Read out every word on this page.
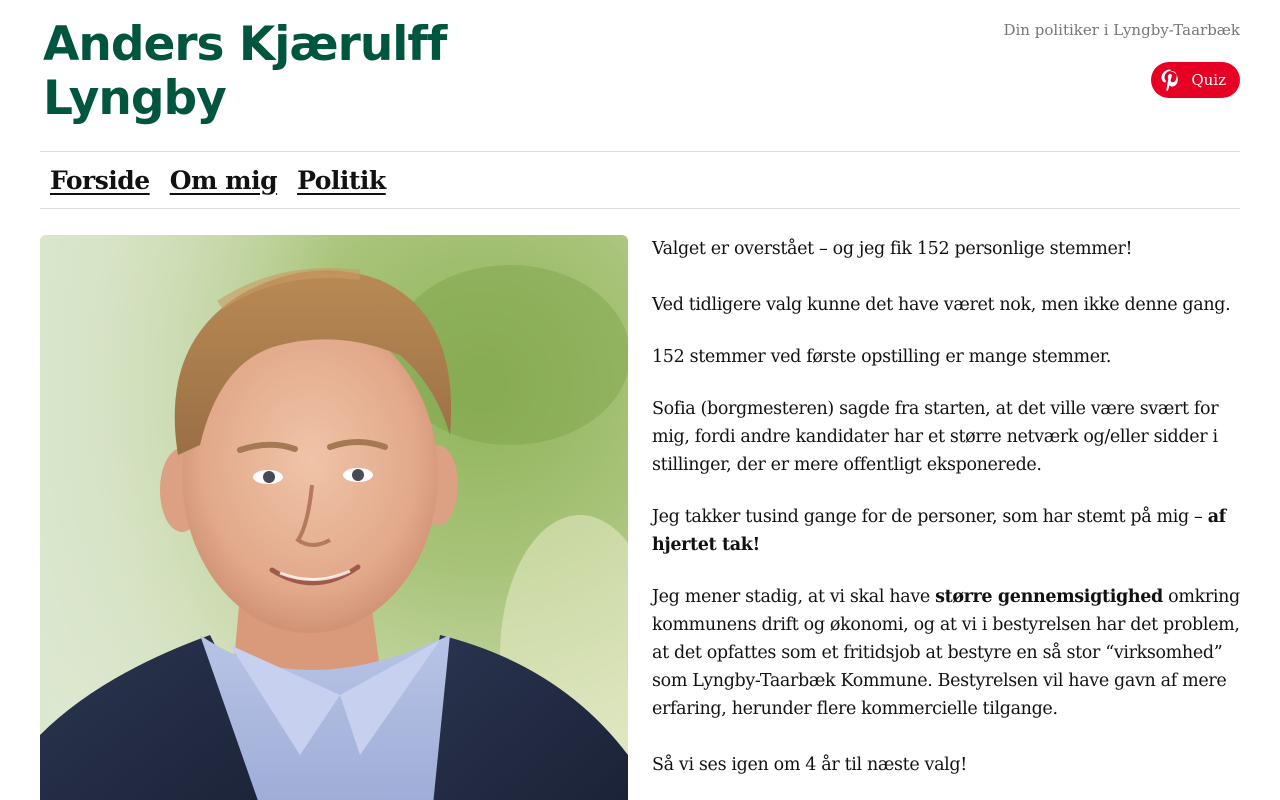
Anders Kjærulff
Lyngby
Din politiker i Lyngby-Taarbæk
Quiz
Forside Om mig Politik

Valget er overstået – og jeg fik 152 personlige stemmer!

Ved tidligere valg kunne det have været nok, men ikke denne gang.

152 stemmer ved første opstilling er mange stemmer.

Sofia (borgmesteren) sagde fra starten, at det ville være svært for mig, fordi andre kandidater har et større netværk og/eller sidder i stillinger, der er mere offentligt eksponerede.

Jeg takker tusind gange for de personer, som har stemt på mig – af hjertet tak!

Jeg mener stadig, at vi skal have større gennemsigtighed omkring kommunens drift og økonomi, og at vi i bestyrelsen har det problem, at det opfattes som et fritidsjob at bestyre en så stor “virksomhed” som Lyngby-Taarbæk Kommune. Bestyrelsen vil have gavn af mere erfaring, herunder flere kommercielle tilgange.

Så vi ses igen om 4 år til næste valg!
